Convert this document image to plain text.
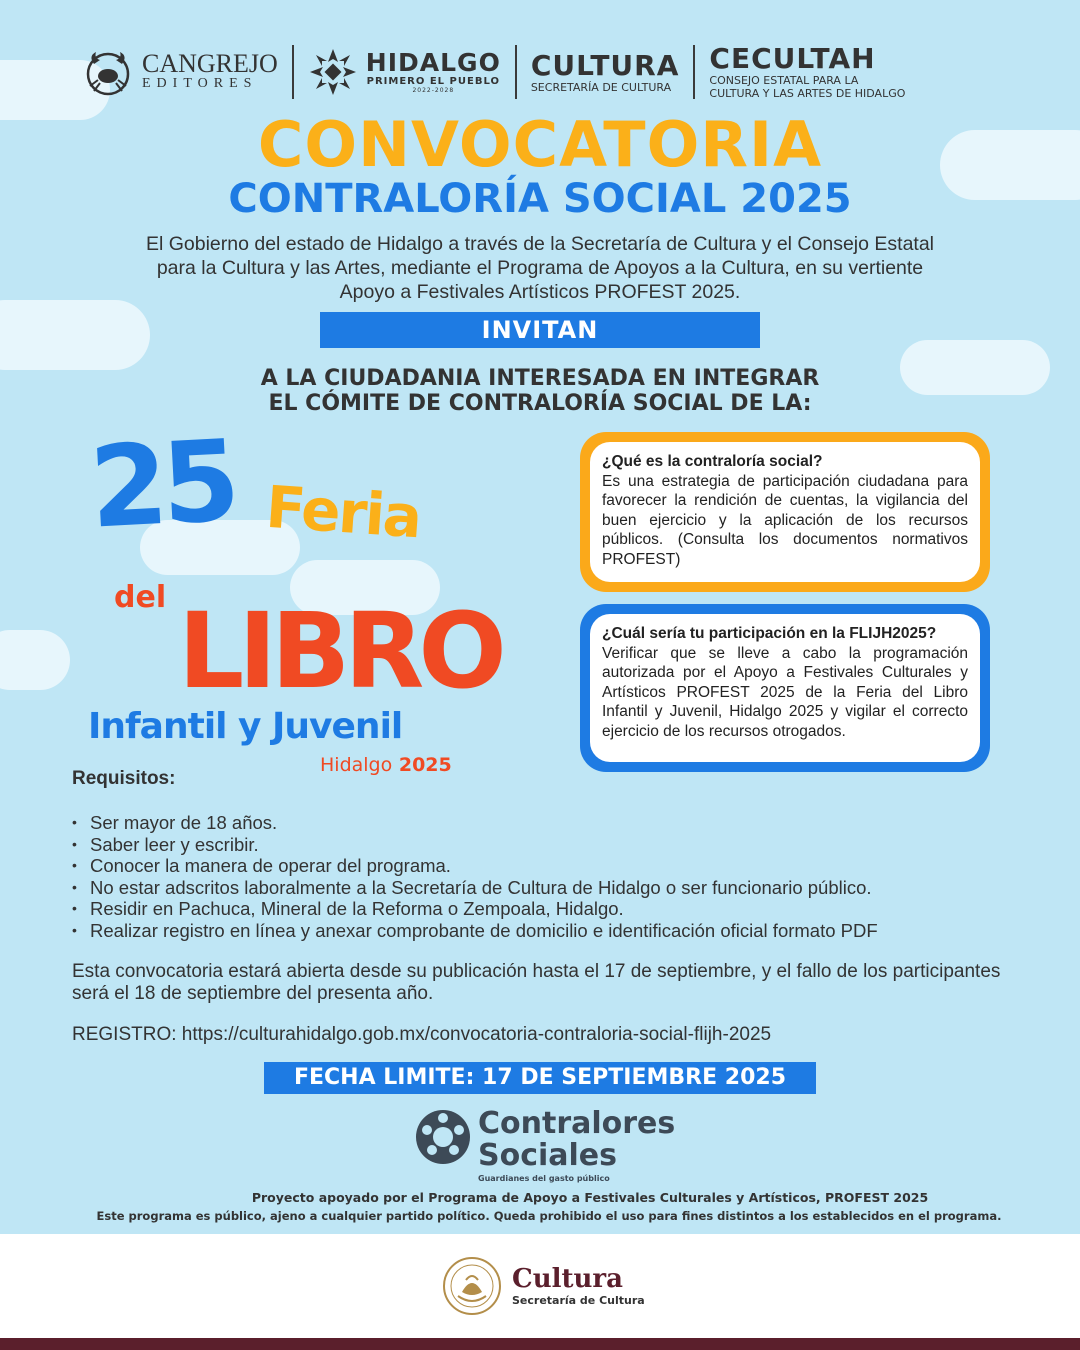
CANGREJO
EDITORES
HIDALGO
PRIMERO EL PUEBLO
2022-2028
CULTURA
SECRETARÍA DE CULTURA
CECULTAH
CONSEJO ESTATAL PARA LA
CULTURA Y LAS ARTES DE HIDALGO
CONVOCATORIA
CONTRALORÍA SOCIAL 2025
El Gobierno del estado de Hidalgo a través de la Secretaría de Cultura y el Consejo Estatal para la Cultura y las Artes, mediante el Programa de Apoyos a la Cultura, en su vertiente Apoyo a Festivales Artísticos PROFEST 2025.
INVITAN
A LA CIUDADANIA INTERESADA EN INTEGRAR
EL CÓMITE DE CONTRALORÍA SOCIAL DE LA:
25 Feria
del LIBRO
Infantil y Juvenil
Hidalgo 2025
¿Qué es la contraloría social?
Es una estrategia de participación ciudadana para favorecer la rendición de cuentas, la vigilancia del buen ejercicio y la aplicación de los recursos públicos. (Consulta los documentos normativos PROFEST)
¿Cuál sería tu participación en la FLIJH2025?
Verificar que se lleve a cabo la programación autorizada por el Apoyo a Festivales Culturales y Artísticos PROFEST 2025 de la Feria del Libro Infantil y Juvenil, Hidalgo 2025 y vigilar el correcto ejercicio de los recursos otrogados.
Requisitos:
• Ser mayor de 18 años.
• Saber leer y escribir.
• Conocer la manera de operar del programa.
• No estar adscritos laboralmente a la Secretaría de Cultura de Hidalgo o ser funcionario público.
• Residir en Pachuca, Mineral de la Reforma o Zempoala, Hidalgo.
• Realizar registro en línea y anexar comprobante de domicilio e identificación oficial formato PDF
Esta convocatoria estará abierta desde su publicación hasta el 17 de septiembre, y el fallo de los participantes será el 18 de septiembre del presenta año.
REGISTRO: https://culturahidalgo.gob.mx/convocatoria-contraloria-social-flijh-2025
FECHA LIMITE: 17 DE SEPTIEMBRE 2025
Contralores
Sociales
Guardianes del gasto público
Proyecto apoyado por el Programa de Apoyo a Festivales Culturales y Artísticos, PROFEST 2025
Este programa es público, ajeno a cualquier partido político. Queda prohibido el uso para fines distintos a los establecidos en el programa.
Cultura
Secretaría de Cultura
